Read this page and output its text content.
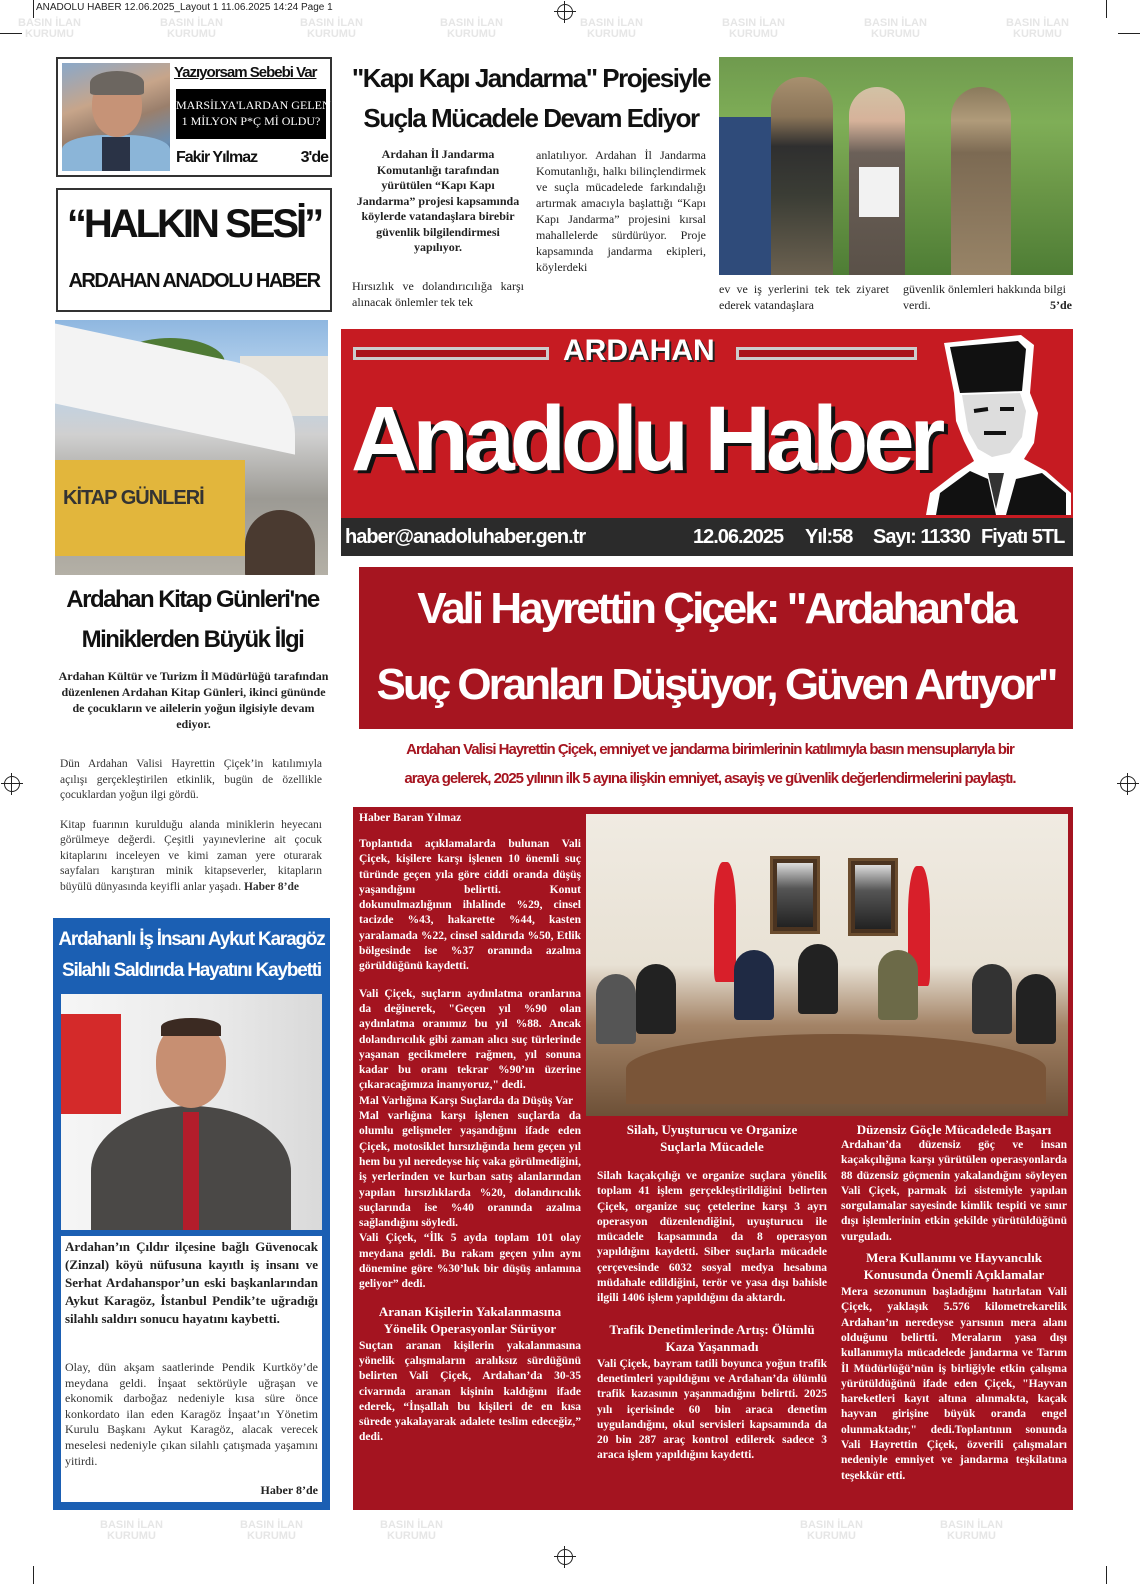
ANADOLU HABER 12.06.2025_Layout 1 11.06.2025 14:24 Page 1
BASIN İLAN
KURUMU
BASIN İLAN
KURUMU
BASIN İLAN
KURUMU
BASIN İLAN
KURUMU
BASIN İLAN
KURUMU
BASIN İLAN
KURUMU
BASIN İLAN
KURUMU
BASIN İLAN
KURUMU
Yazıyorsam Sebebi Var
MARSİLYA'LARDAN GELEN
1 MİLYON P*Ç Mİ OLDU?
Fakir Yılmaz	3'de
“HALKIN SESİ”
ARDAHAN ANADOLU HABER
"Kapı Kapı Jandarma" Projesiyle
Suçla Mücadele Devam Ediyor
Ardahan İl Jandarma Komutanlığı tarafından yürütülen “Kapı Kapı Jandarma” projesi kapsamında köylerde vatandaşlara birebir güvenlik bilgilendirmesi yapılıyor.
Hırsızlık ve dolandırıcılığa karşı alınacak önlemler tek tek
anlatılıyor. Ardahan İl Jandarma Komutanlığı, halkı bilinçlendirmek ve suçla mücadelede farkındalığı artırmak amacıyla başlattığı “Kapı Kapı Jandarma” projesini kırsal mahallelerde sürdürüyor. Proje kapsamında jandarma ekipleri, köylerdeki
ev ve iş yerlerini tek tek ziyaret ederek vatandaşlara
güvenlik önlemleri hakkında bilgi verdi.	5’de
ARDAHAN
Anadolu Haber
haber@anadoluhaber.gen.tr	12.06.2025 Yıl:58 Sayı: 11330 Fiyatı 5TL
KİTAP GÜNLERİ
Ardahan Kitap Günleri'ne
Miniklerden Büyük İlgi
Ardahan Kültür ve Turizm İl Müdürlüğü tarafından düzenlenen Ardahan Kitap Günleri, ikinci gününde de çocukların ve ailelerin yoğun ilgisiyle devam ediyor.

Dün Ardahan Valisi Hayrettin Çiçek’in katılımıyla açılışı gerçekleştirilen etkinlik, bugün de özellikle çocuklardan yoğun ilgi gördü.

Kitap fuarının kurulduğu alanda miniklerin heyecanı görülmeye değerdi. Çeşitli yayınevlerine ait çocuk kitaplarını inceleyen ve kimi zaman yere oturarak sayfaları karıştıran minik kitapseverler, kitapların büyülü dünyasında keyifli anlar yaşadı. Haber 8’de

Ardahanlı İş İnsanı Aykut Karagöz
Silahlı Saldırıda Hayatını Kaybetti
Ardahan’ın Çıldır ilçesine bağlı Güvenocak (Zinzal) köyü nüfusuna kayıtlı iş insanı ve Serhat Ardahanspor’un eski başkanlarından Aykut Karagöz, İstanbul Pendik’te uğradığı silahlı saldırı sonucu hayatını kaybetti.
Olay, dün akşam saatlerinde Pendik Kurtköy’de meydana geldi. İnşaat sektörüyle uğraşan ve ekonomik darboğaz nedeniyle kısa süre önce konkordato ilan eden Karagöz İnşaat’ın Yönetim Kurulu Başkanı Aykut Karagöz, alacak verecek meselesi nedeniyle çıkan silahlı çatışmada yaşamını yitirdi.
Haber 8’de
Vali Hayrettin Çiçek: "Ardahan'da
Suç Oranları Düşüyor, Güven Artıyor"
Ardahan Valisi Hayrettin Çiçek, emniyet ve jandarma birimlerinin katılımıyla basın mensuplarıyla bir
araya gelerek, 2025 yılının ilk 5 ayına ilişkin emniyet, asayiş ve güvenlik değerlendirmelerini paylaştı.
Haber Baran Yılmaz

Toplantıda açıklamalarda bulunan Vali Çiçek, kişilere karşı işlenen 10 önemli suç türünde geçen yıla göre ciddi oranda düşüş yaşandığını belirtti. Konut dokunulmazlığının ihlalinde %29, cinsel tacizde %43, hakarette %44, kasten yaralamada %22, cinsel saldırıda %50, Etlik bölgesinde ise %37 oranında azalma görüldüğünü kaydetti.

Vali Çiçek, suçların aydınlatma oranlarına da değinerek, "Geçen yıl %90 olan aydınlatma oranımız bu yıl %88. Ancak dolandırıcılık gibi zaman alıcı suç türlerinde yaşanan gecikmelere rağmen, yıl sonuna kadar bu oranı tekrar %90’ın üzerine çıkaracağımıza inanıyoruz," dedi.

Mal Varlığına Karşı Suçlarda da Düşüş Var

Mal varlığına karşı işlenen suçlarda da olumlu gelişmeler yaşandığını ifade eden Çiçek, motosiklet hırsızlığında hem geçen yıl hem bu yıl neredeyse hiç vaka görülmediğini, iş yerlerinden ve kurban satış alanlarından yapılan hırsızlıklarda %20, dolandırıcılık suçlarında ise %40 oranında azalma sağlandığını söyledi.

Vali Çiçek, “İlk 5 ayda toplam 101 olay meydana geldi. Bu rakam geçen yılın aynı dönemine göre %30’luk bir düşüş anlamına geliyor” dedi.

Aranan Kişilerin Yakalanmasına Yönelik Operasyonlar Sürüyor

Suçtan aranan kişilerin yakalanmasına yönelik çalışmaların aralıksız sürdüğünü belirten Vali Çiçek, Ardahan’da 30-35 civarında aranan kişinin kaldığını ifade ederek, “İnşallah bu kişileri de en kısa sürede yakalayarak adalete teslim edeceğiz,” dedi.

Silah, Uyuşturucu ve Organize Suçlarla Mücadele

Silah kaçakçılığı ve organize suçlara yönelik toplam 41 işlem gerçekleştirildiğini belirten Çiçek, organize suç çetelerine karşı 3 ayrı operasyon düzenlendiğini, uyuşturucu ile mücadele kapsamında da 8 operasyon yapıldığını kaydetti. Siber suçlarla mücadele çerçevesinde 6032 sosyal medya hesabına müdahale edildiğini, terör ve yasa dışı bahisle ilgili 1406 işlem yapıldığını da aktardı.

Trafik Denetimlerinde Artış: Ölümlü Kaza Yaşanmadı

Vali Çiçek, bayram tatili boyunca yoğun trafik denetimleri yapıldığını ve Ardahan’da ölümlü trafik kazasının yaşanmadığını belirtti. 2025 yılı içerisinde 60 bin araca denetim uygulandığını, okul servisleri kapsamında da 20 bin 287 araç kontrol edilerek sadece 3 araca işlem yapıldığını kaydetti.

Düzensiz Göçle Mücadelede Başarı

Ardahan’da düzensiz göç ve insan kaçakçılığına karşı yürütülen operasyonlarda 88 düzensiz göçmenin yakalandığını söyleyen Vali Çiçek, parmak izi sistemiyle yapılan sorgulamalar sayesinde kimlik tespiti ve sınır dışı işlemlerinin etkin şekilde yürütüldüğünü vurguladı.

Mera Kullanımı ve Hayvancılık Konusunda Önemli Açıklamalar

Mera sezonunun başladığını hatırlatan Vali Çiçek, yaklaşık 5.576 kilometrekarelik Ardahan’ın neredeyse yarısının mera alanı olduğunu belirtti. Meraların yasa dışı kullanımıyla mücadelede jandarma ve Tarım İl Müdürlüğü’nün iş birliğiyle etkin çalışma yürütüldüğünü ifade eden Çiçek, "Hayvan hareketleri kayıt altına alınmakta, kaçak hayvan girişine büyük oranda engel olunmaktadır," dedi.Toplantının sonunda Vali Hayrettin Çiçek, özverili çalışmaları nedeniyle emniyet ve jandarma teşkilatına teşekkür etti.

BASIN İLAN
KURUMU
BASIN İLAN
KURUMU
BASIN İLAN
KURUMU
BASIN İLAN
KURUMU
BASIN İLAN
KURUMU
